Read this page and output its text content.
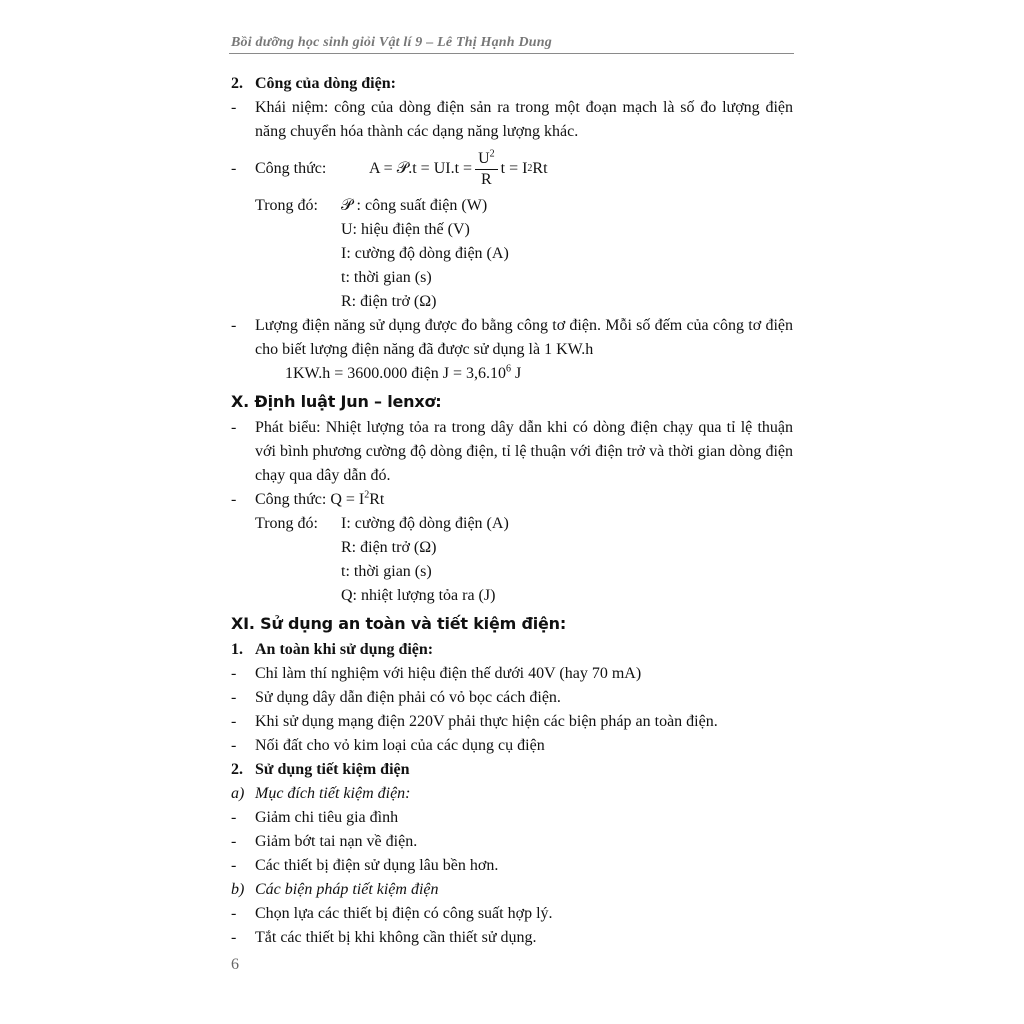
Bồi dưỡng học sinh giỏi Vật lí 9 – Lê Thị Hạnh Dung
2. Công của dòng điện:
-	Khái niệm: công của dòng điện sản ra trong một đoạn mạch là số đo lượng điện năng chuyển hóa thành các dạng năng lượng khác.
-	Công thức:	A = 𝒫.t = $UI.t = \frac{U^2}{R}$ t = I 2 Rt
Trong đó:	𝒫 : công suất điện (W)
U: hiệu điện thế (V)
I: cường độ dòng điện (A)
t: thời gian (s)
R: điện trở (Ω)
-	Lượng điện năng sử dụng được đo bằng công tơ điện. Mỗi số đếm của công tơ điện cho biết lượng điện năng đã được sử dụng là 1 KW.h
1KW.h = 3600.000 điện $J = 3,6.10^6$ J
X. Định luật Jun – lenxơ:
-	Phát biểu: Nhiệt lượng tỏa ra trong dây dẫn khi có dòng điện chạy qua tỉ lệ thuận với bình phương cường độ dòng điện, tỉ lệ thuận với điện trở và thời gian dòng điện chạy qua dây dẫn đó.
-	Công thức: $Q = I^2Rt$
Trong đó:	I: cường độ dòng điện (A)
R: điện trở (Ω)
t: thời gian (s)
Q: nhiệt lượng tỏa ra (J)
XI. Sử dụng an toàn và tiết kiệm điện:
1. An toàn khi sử dụng điện:
-	Chỉ làm thí nghiệm với hiệu điện thế dưới 40V (hay 70 mA)
-	Sử dụng dây dẫn điện phải có vỏ bọc cách điện.
-	Khi sử dụng mạng điện 220V phải thực hiện các biện pháp an toàn điện.
-	Nối đất cho vỏ kim loại của các dụng cụ điện
2. Sử dụng tiết kiệm điện
a) Mục đích tiết kiệm điện:
-	Giảm chi tiêu gia đình
-	Giảm bớt tai nạn về điện.
-	Các thiết bị điện sử dụng lâu bền hơn.
b) Các biện pháp tiết kiệm điện
-	Chọn lựa các thiết bị điện có công suất hợp lý.
-	Tắt các thiết bị khi không cần thiết sử dụng.
6
